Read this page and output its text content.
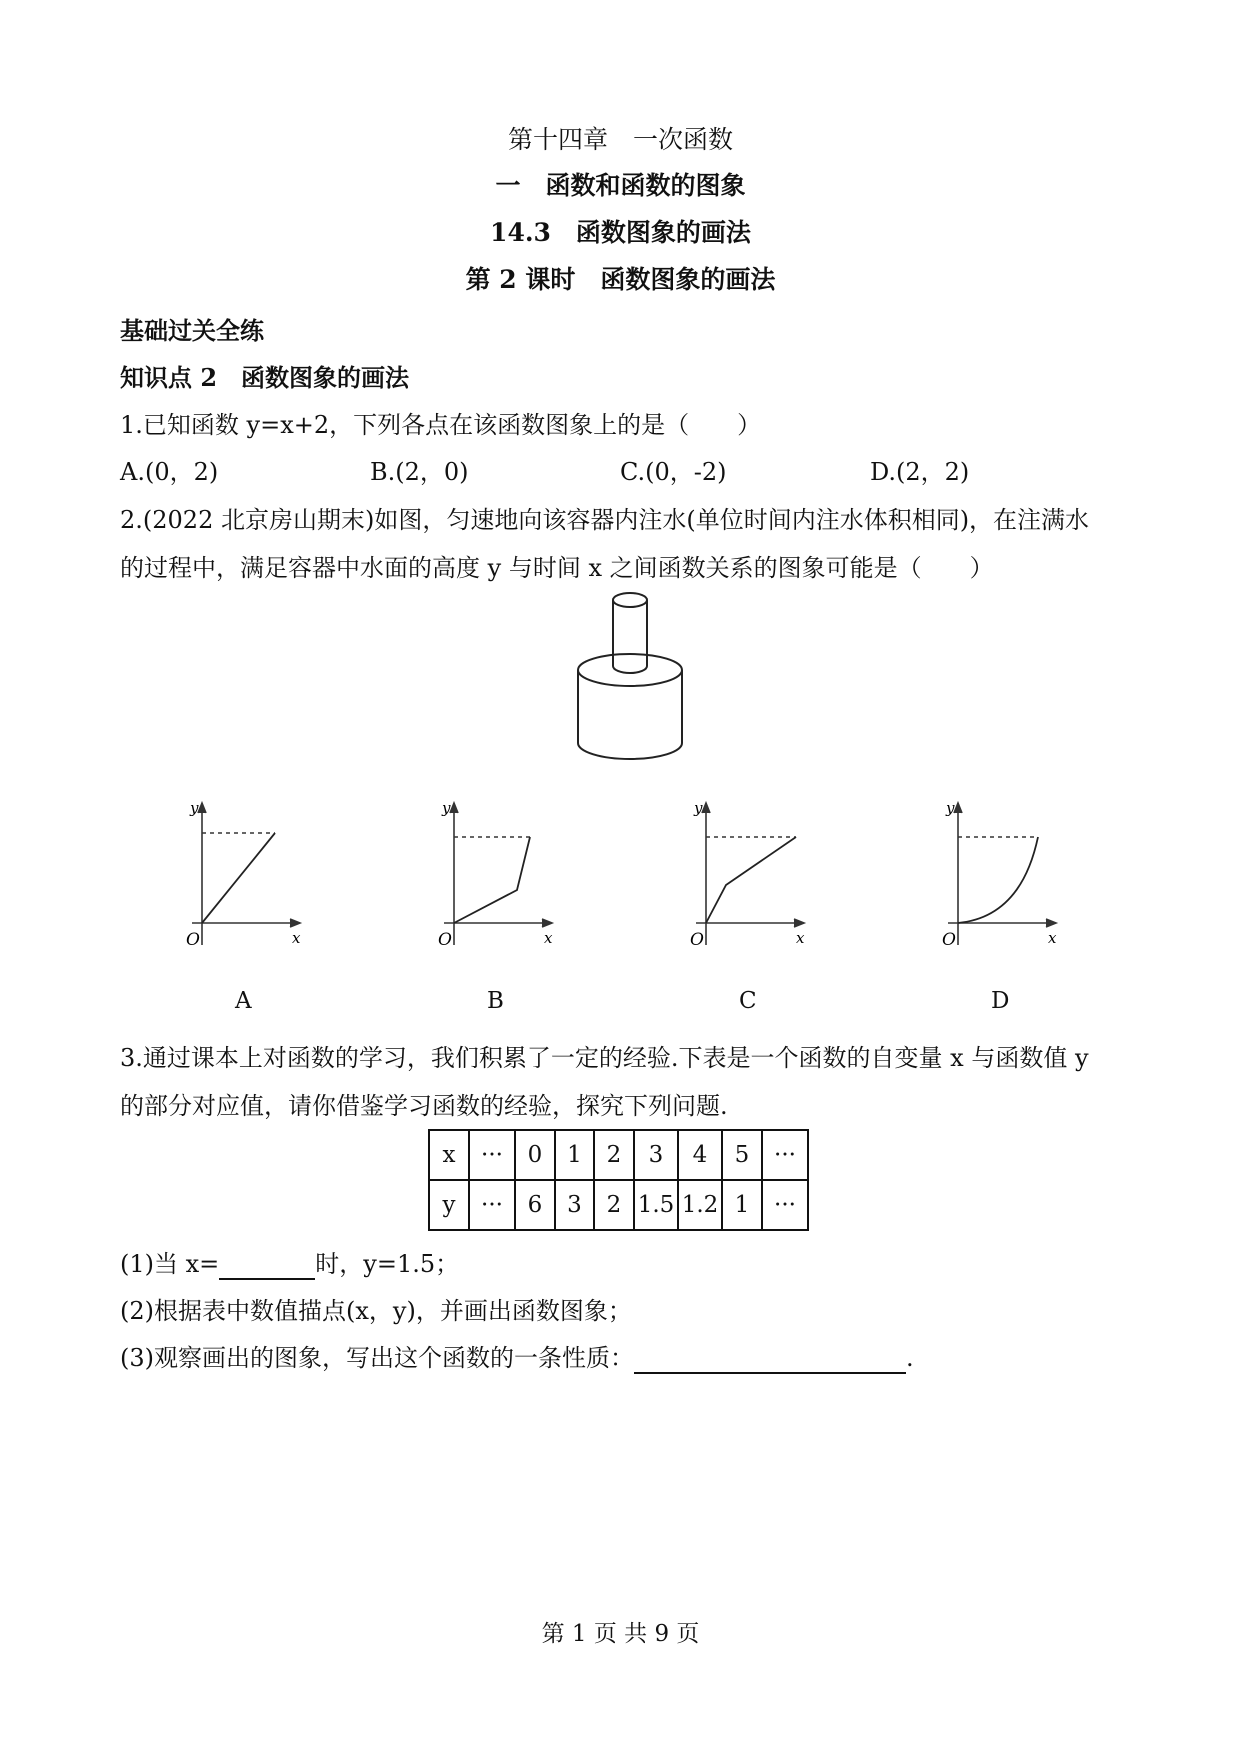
第十四章　一次函数
一　函数和函数的图象
14.3　函数图象的画法
第 2 课时　函数图象的画法
基础过关全练
知识点 2　函数图象的画法
1.已知函数 y=x+2，下列各点在该函数图象上的是（　　）
A.(0，2)	B.(2，0)	C.(0，-2)	D.(2，2)
2.(2022 北京房山期末)如图，匀速地向该容器内注水(单位时间内注水体积相同)，在注满水
的过程中，满足容器中水面的高度 y 与时间 x 之间函数关系的图象可能是（　　）
y
x
O
y
x
O
y
x
O
y
x
O
A	B	C	D
3.通过课本上对函数的学习，我们积累了一定的经验.下表是一个函数的自变量 x 与函数值 y
的部分对应值，请你借鉴学习函数的经验，探究下列问题.
x	···	0	1	2	3	4	5	···
y	···	6	3	2	1.5	1.2	1	···
(1)当 x=	时，y=1.5；
(2)根据表中数值描点(x，y)，并画出函数图象；
(3)观察画出的图象，写出这个函数的一条性质：	.
第 1 页 共 9 页
